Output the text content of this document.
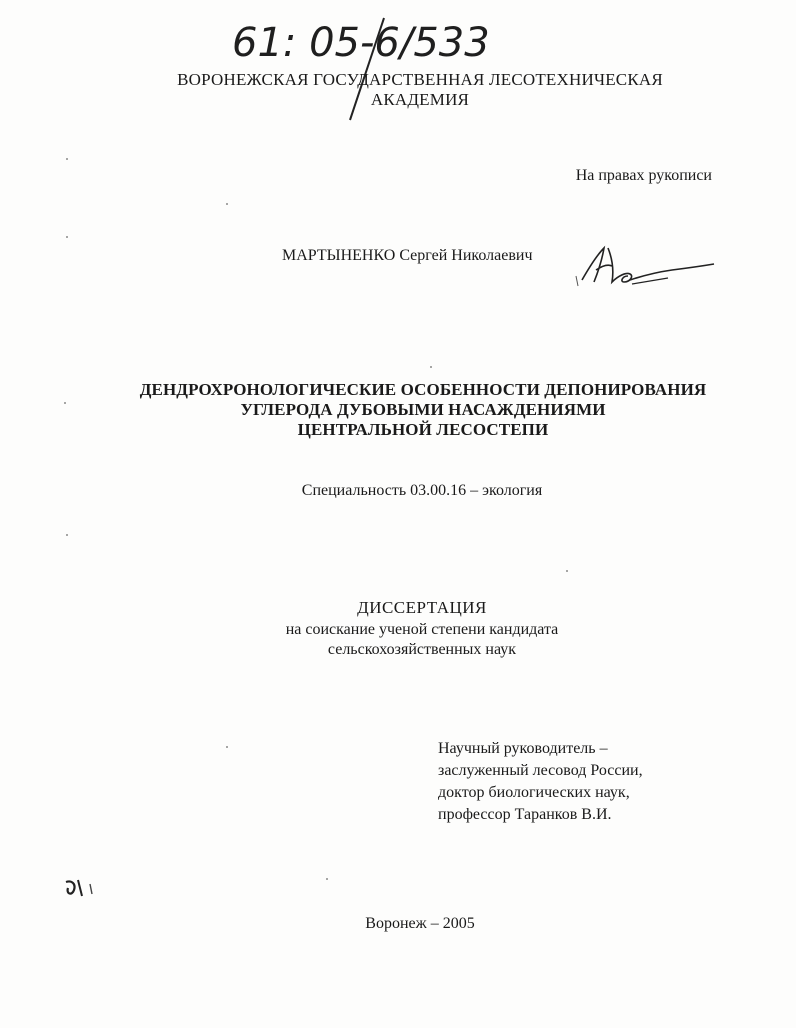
61: 05-6/533
ВОРОНЕЖСКАЯ ГОСУДАРСТВЕННАЯ ЛЕСОТЕХНИЧЕСКАЯ
АКАДЕМИЯ
На правах рукописи
МАРТЫНЕНКО Сергей Николаевич
ДЕНДРОХРОНОЛОГИЧЕСКИЕ ОСОБЕННОСТИ ДЕПОНИРОВАНИЯ
УГЛЕРОДА ДУБОВЫМИ НАСАЖДЕНИЯМИ
ЦЕНТРАЛЬНОЙ ЛЕСОСТЕПИ
Специальность 03.00.16 – экология
ДИССЕРТАЦИЯ
на соискание ученой степени кандидата
сельскохозяйственных наук
Научный руководитель –
заслуженный лесовод России,
доктор биологических наук,
профессор Таранков В.И.
Воронеж – 2005
